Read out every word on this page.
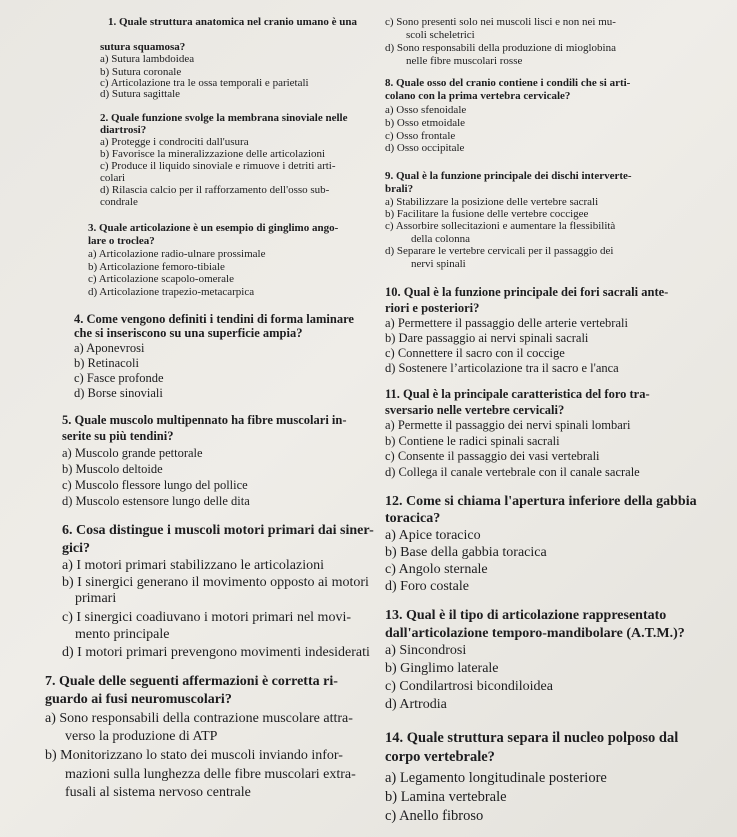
1. Quale struttura anatomica nel cranio umano è una
sutura squamosa?
a) Sutura lambdoidea
b) Sutura coronale
c) Articolazione tra le ossa temporali e parietali
d) Sutura sagittale
2. Quale funzione svolge la membrana sinoviale nelle
diartrosi?
a) Protegge i condrociti dall'usura
b) Favorisce la mineralizzazione delle articolazioni
c) Produce il liquido sinoviale e rimuove i detriti arti-
colari
d) Rilascia calcio per il rafforzamento dell'osso sub-
condrale
3. Quale articolazione è un esempio di ginglimo ango-
lare o troclea?
a) Articolazione radio-ulnare prossimale
b) Articolazione femoro-tibiale
c) Articolazione scapolo-omerale
d) Articolazione trapezio-metacarpica
4. Come vengono definiti i tendini di forma laminare
che si inseriscono su una superficie ampia?
a) Aponevrosi
b) Retinacoli
c) Fasce profonde
d) Borse sinoviali
5. Quale muscolo multipennato ha fibre muscolari in-
serite su più tendini?
a) Muscolo grande pettorale
b) Muscolo deltoide
c) Muscolo flessore lungo del pollice
d) Muscolo estensore lungo delle dita
6. Cosa distingue i muscoli motori primari dai siner-
gici?
a) I motori primari stabilizzano le articolazioni
b) I sinergici generano il movimento opposto ai motori
primari
c) I sinergici coadiuvano i motori primari nel movi-
mento principale
d) I motori primari prevengono movimenti indesiderati
7. Quale delle seguenti affermazioni è corretta ri-
guardo ai fusi neuromuscolari?
a) Sono responsabili della contrazione muscolare attra-
verso la produzione di ATP
b) Monitorizzano lo stato dei muscoli inviando infor-
mazioni sulla lunghezza delle fibre muscolari extra-
fusali al sistema nervoso centrale
c) Sono presenti solo nei muscoli lisci e non nei mu-
scoli scheletrici
d) Sono responsabili della produzione di mioglobina
nelle fibre muscolari rosse
8. Quale osso del cranio contiene i condili che si arti-
colano con la prima vertebra cervicale?
a) Osso sfenoidale
b) Osso etmoidale
c) Osso frontale
d) Osso occipitale
9. Qual è la funzione principale dei dischi interverte-
brali?
a) Stabilizzare la posizione delle vertebre sacrali
b) Facilitare la fusione delle vertebre coccigee
c) Assorbire sollecitazioni e aumentare la flessibilità
della colonna
d) Separare le vertebre cervicali per il passaggio dei
nervi spinali
10. Qual è la funzione principale dei fori sacrali ante-
riori e posteriori?
a) Permettere il passaggio delle arterie vertebrali
b) Dare passaggio ai nervi spinali sacrali
c) Connettere il sacro con il coccige
d) Sostenere l’articolazione tra il sacro e l'anca
11. Qual è la principale caratteristica del foro tra-
sversario nelle vertebre cervicali?
a) Permette il passaggio dei nervi spinali lombari
b) Contiene le radici spinali sacrali
c) Consente il passaggio dei vasi vertebrali
d) Collega il canale vertebrale con il canale sacrale
12. Come si chiama l'apertura inferiore della gabbia
toracica?
a) Apice toracico
b) Base della gabbia toracica
c) Angolo sternale
d) Foro costale
13. Qual è il tipo di articolazione rappresentato
dall'articolazione temporo-mandibolare (A.T.M.)?
a) Sincondrosi
b) Ginglimo laterale
c) Condilartrosi bicondiloidea
d) Artrodia
14. Quale struttura separa il nucleo polposo dal
corpo vertebrale?
a) Legamento longitudinale posteriore
b) Lamina vertebrale
c) Anello fibroso
